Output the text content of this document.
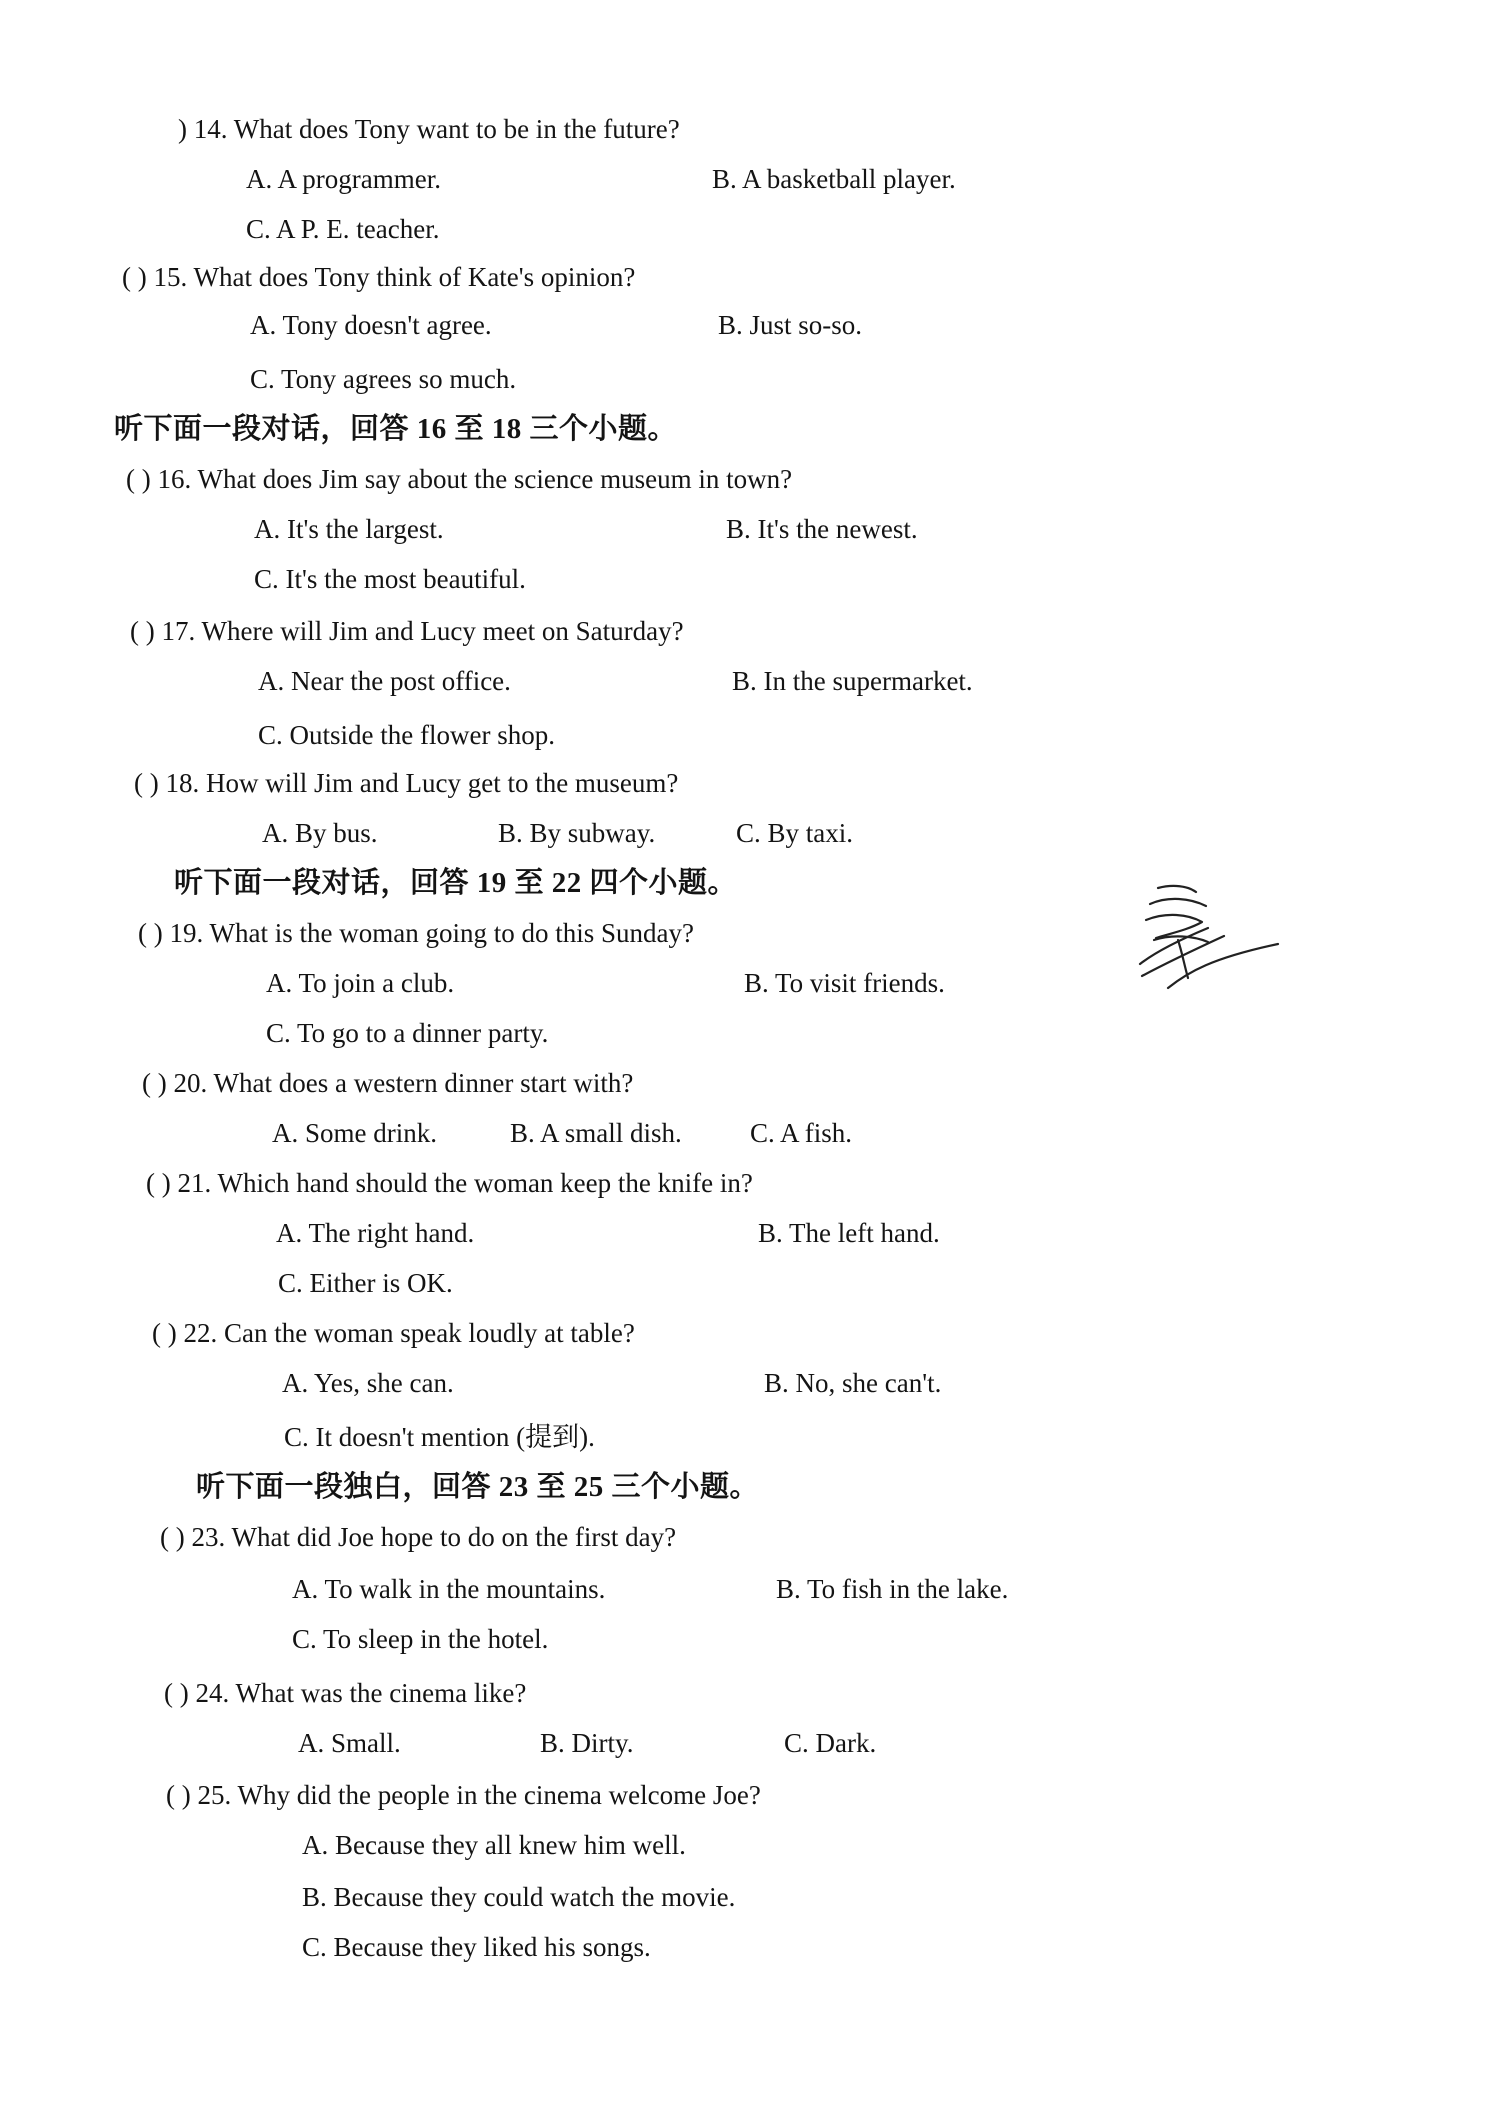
) 14. What does Tony want to be in the future?
A. A programmer.	B. A basketball player.
C. A P. E. teacher.
( ) 15. What does Tony think of Kate's opinion?
A. Tony doesn't agree.	B. Just so-so.
C. Tony agrees so much.
听下面一段对话，回答 16 至 18 三个小题。
( ) 16. What does Jim say about the science museum in town?
A. It's the largest.	B. It's the newest.
C. It's the most beautiful.
( ) 17. Where will Jim and Lucy meet on Saturday?
A. Near the post office.	B. In the supermarket.
C. Outside the flower shop.
( ) 18. How will Jim and Lucy get to the museum?
A. By bus.	B. By subway.	C. By taxi.
听下面一段对话，回答 19 至 22 四个小题。
( ) 19. What is the woman going to do this Sunday?
A. To join a club.	B. To visit friends.
C. To go to a dinner party.
( ) 20. What does a western dinner start with?
A. Some drink.	B. A small dish.	C. A fish.
( ) 21. Which hand should the woman keep the knife in?
A. The right hand.	B. The left hand.
C. Either is OK.
( ) 22. Can the woman speak loudly at table?
A. Yes, she can.	B. No, she can't.
C. It doesn't mention (提到).
听下面一段独白，回答 23 至 25 三个小题。
( ) 23. What did Joe hope to do on the first day?
A. To walk in the mountains.	B. To fish in the lake.
C. To sleep in the hotel.
( ) 24. What was the cinema like?
A. Small.	B. Dirty.	C. Dark.
( ) 25. Why did the people in the cinema welcome Joe?
A. Because they all knew him well.
B. Because they could watch the movie.
C. Because they liked his songs.
